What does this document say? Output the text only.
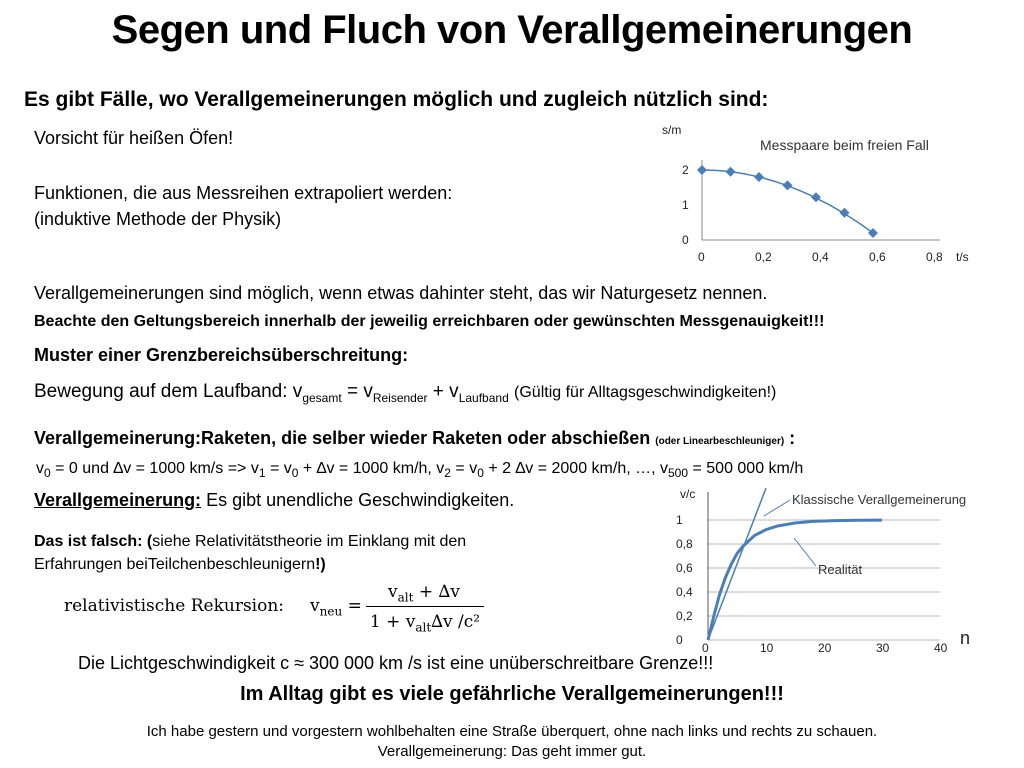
Segen und Fluch von Verallgemeinerungen
Es gibt Fälle, wo Verallgemeinerungen möglich und zugleich nützlich sind:
Vorsicht für heißen Öfen!
Funktionen, die aus Messreihen extrapoliert werden:
(induktive Methode der Physik)
Messpaare beim freien Fall
s/m
t/s
0
1
2
0	0,2	0,4	0,6	0,8
Verallgemeinerungen sind möglich, wenn etwas dahinter steht, das wir Naturgesetz nennen.
Beachte den Geltungsbereich innerhalb der jeweilig erreichbaren oder gewünschten Messgenauigkeit!!!
Muster einer Grenzbereichsüberschreitung:
Bewegung auf dem Laufband: $v_{gesamt} = v_{Reisender} + v_{Laufband}$ (Gültig für Alltagsgeschwindigkeiten!)
Verallgemeinerung:Raketen, die selber wieder Raketen oder abschießen (oder Linearbeschleuniger) :
$v_0 = 0$ und ∆v = 1000 $km/s => v_1 = v_0 + \Delta v = 1000$ km/h, $v_2 = v_0 + 2$ ∆v = 2000 km/h, …, $v_{500} = 500$ 000 km/h
Verallgemeinerung: Es gibt unendliche Geschwindigkeiten.
Das ist falsch: (siehe Relativitätstheorie im Einklang mit den
Erfahrungen beiTeilchenbeschleunigern!)
relativistische Rekursion: $v_{neu}$ =
$v_{alt} + \Delta v$
$1 + v_{alt}\Delta v$ /c²
v/c
n
0
0,2
0,4
0,6
0,8
1
0	10	20	30	40
Klassische Verallgemeinerung
Realität
Die Lichtgeschwindigkeit c ≈ 300 000 km /s ist eine unüberschreitbare Grenze!!!
Im Alltag gibt es viele gefährliche Verallgemeinerungen!!!
Ich habe gestern und vorgestern wohlbehalten eine Straße überquert, ohne nach links und rechts zu schauen.
Verallgemeinerung: Das geht immer gut.
